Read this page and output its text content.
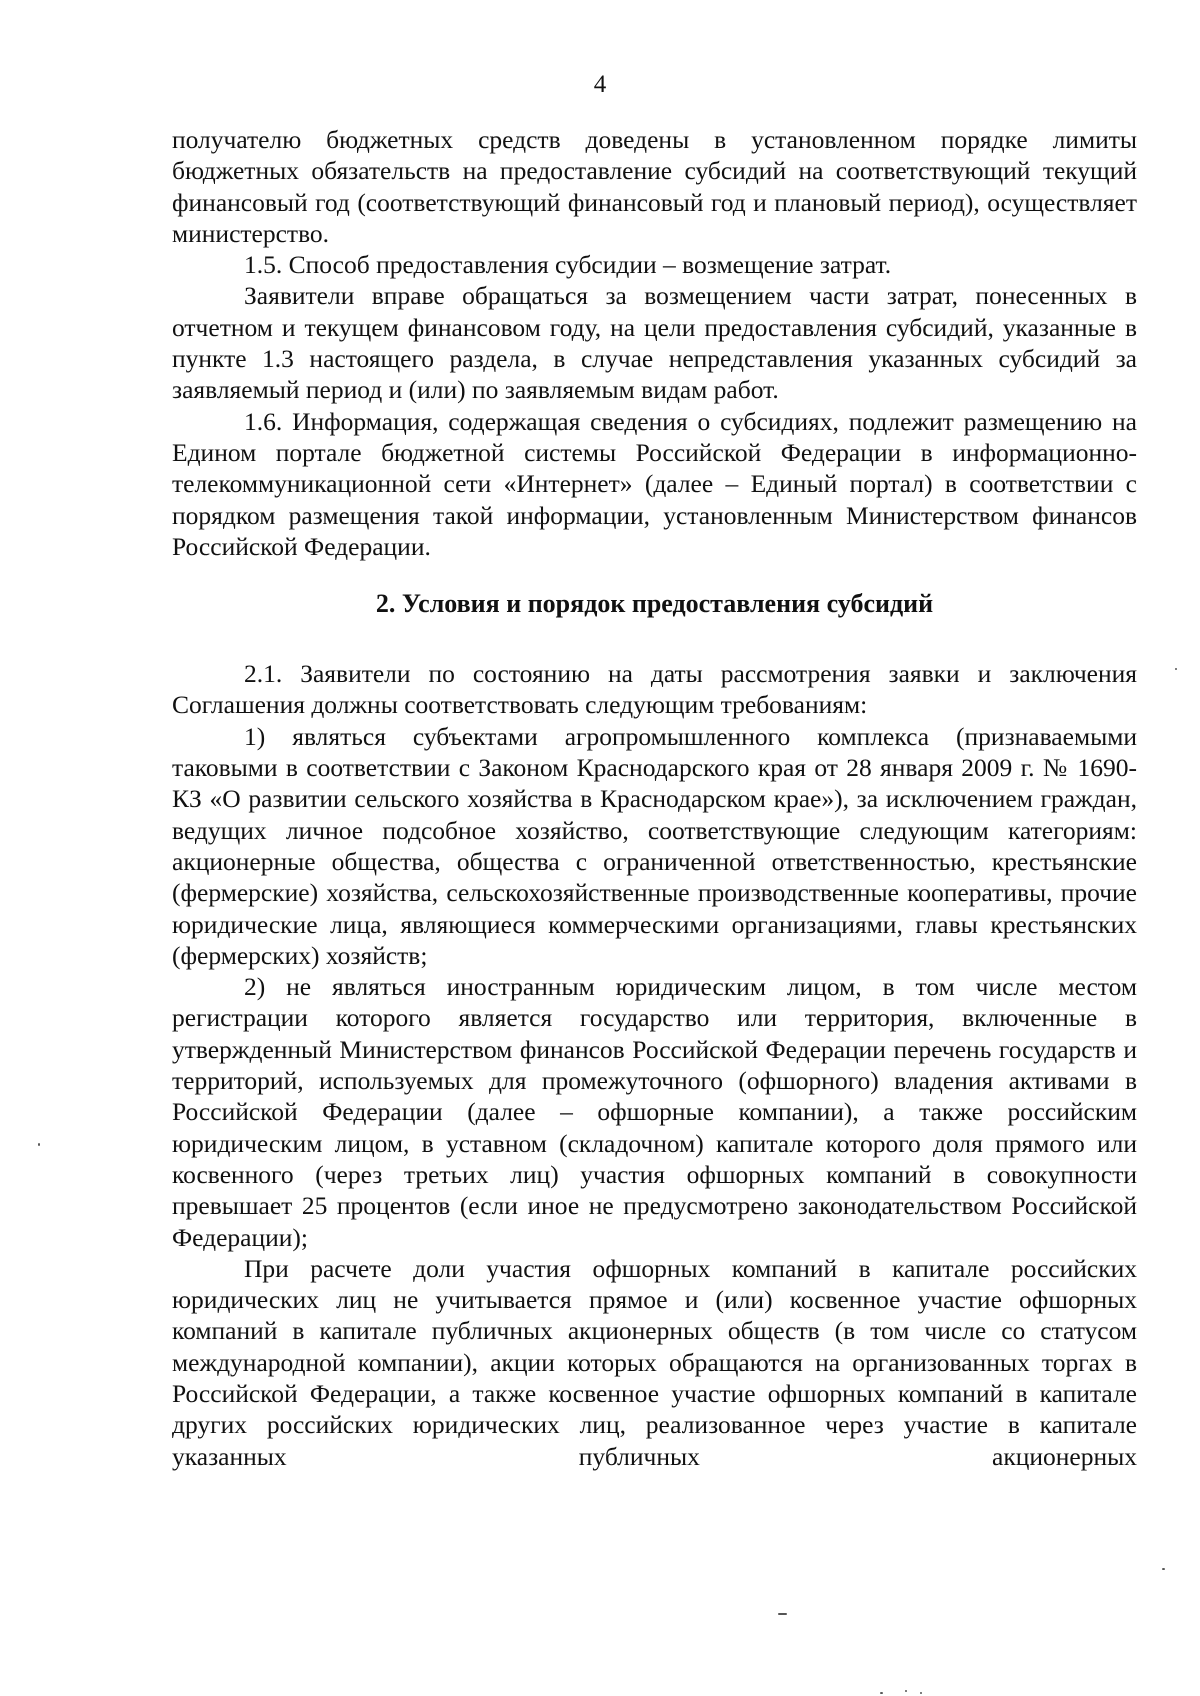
4

получателю бюджетных средств доведены в установленном порядке лимиты бюджетных обязательств на предоставление субсидий на соответствующий текущий финансовый год (соответствующий финансовый год и плановый период), осуществляет министерство.

1.5. Способ предоставления субсидии – возмещение затрат.

Заявители вправе обращаться за возмещением части затрат, понесенных в отчетном и текущем финансовом году, на цели предоставления субсидий, указанные в пункте 1.3 настоящего раздела, в случае непредставления указанных субсидий за заявляемый период и (или) по заявляемым видам работ.

1.6. Информация, содержащая сведения о субсидиях, подлежит размещению на Едином портале бюджетной системы Российской Федерации в информационно-телекоммуникационной сети «Интернет» (далее – Единый портал) в соответствии с порядком размещения такой информации, установленным Министерством финансов Российской Федерации.

2. Условия и порядок предоставления субсидий

2.1. Заявители по состоянию на даты рассмотрения заявки и заключения Соглашения должны соответствовать следующим требованиям:

1) являться субъектами агропромышленного комплекса (признаваемыми таковыми в соответствии с Законом Краснодарского края от 28 января 2009 г. № 1690-КЗ «О развитии сельского хозяйства в Краснодарском крае»), за исключением граждан, ведущих личное подсобное хозяйство, соответствующие следующим категориям: акционерные общества, общества с ограниченной ответственностью, крестьянские (фермерские) хозяйства, сельскохозяйственные производственные кооперативы, прочие юридические лица, являющиеся коммерческими организациями, главы крестьянских (фермерских) хозяйств;

2) не являться иностранным юридическим лицом, в том числе местом регистрации которого является государство или территория, включенные в утвержденный Министерством финансов Российской Федерации перечень государств и территорий, используемых для промежуточного (офшорного) владения активами в Российской Федерации (далее – офшорные компании), а также российским юридическим лицом, в уставном (складочном) капитале которого доля прямого или косвенного (через третьих лиц) участия офшорных компаний в совокупности превышает 25 процентов (если иное не предусмотрено законодательством Российской Федерации);

При расчете доли участия офшорных компаний в капитале российских юридических лиц не учитывается прямое и (или) косвенное участие офшорных компаний в капитале публичных акционерных обществ (в том числе со статусом международной компании), акции которых обращаются на организованных торгах в Российской Федерации, а также косвенное участие офшорных компаний в капитале других российских юридических лиц, реализованное через участие в капитале указанных публичных акционерных
